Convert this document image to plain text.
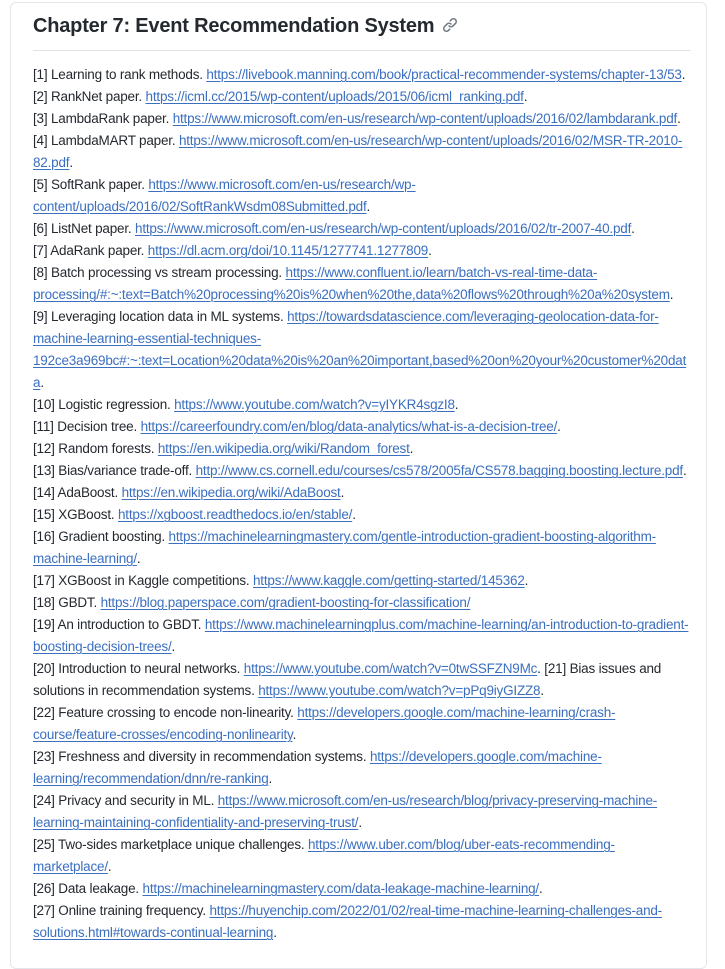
Chapter 7: Event Recommendation System

[1] Learning to rank methods. https://livebook.manning.com/book/practical-recommender-systems/chapter-13/53.
[2] RankNet paper. https://icml.cc/2015/wp-content/uploads/2015/06/icml_ranking.pdf.
[3] LambdaRank paper. https://www.microsoft.com/en-us/research/wp-content/uploads/2016/02/lambdarank.pdf.
[4] LambdaMART paper. https://www.microsoft.com/en-us/research/wp-content/uploads/2016/02/MSR-TR-2010-82.pdf.
[5] SoftRank paper. https://www.microsoft.com/en-us/research/wp-content/uploads/2016/02/SoftRankWsdm08Submitted.pdf.
[6] ListNet paper. https://www.microsoft.com/en-us/research/wp-content/uploads/2016/02/tr-2007-40.pdf.
[7] AdaRank paper. https://dl.acm.org/doi/10.1145/1277741.1277809.
[8] Batch processing vs stream processing. https://www.confluent.io/learn/batch-vs-real-time-data-processing/#:~:text=Batch%20processing%20is%20when%20the,data%20flows%20through%20a%20system.
[9] Leveraging location data in ML systems. https://towardsdatascience.com/leveraging-geolocation-data-for-machine-learning-essential-techniques-192ce3a969bc#:~:text=Location%20data%20is%20an%20important,based%20on%20your%20customer%20data.
[10] Logistic regression. https://www.youtube.com/watch?v=yIYKR4sgzI8.
[11] Decision tree. https://careerfoundry.com/en/blog/data-analytics/what-is-a-decision-tree/.
[12] Random forests. https://en.wikipedia.org/wiki/Random_forest.
[13] Bias/variance trade-off. http://www.cs.cornell.edu/courses/cs578/2005fa/CS578.bagging.boosting.lecture.pdf.
[14] AdaBoost. https://en.wikipedia.org/wiki/AdaBoost.
[15] XGBoost. https://xgboost.readthedocs.io/en/stable/.
[16] Gradient boosting. https://machinelearningmastery.com/gentle-introduction-gradient-boosting-algorithm-machine-learning/.
[17] XGBoost in Kaggle competitions. https://www.kaggle.com/getting-started/145362.
[18] GBDT. https://blog.paperspace.com/gradient-boosting-for-classification/
[19] An introduction to GBDT. https://www.machinelearningplus.com/machine-learning/an-introduction-to-gradient-boosting-decision-trees/.
[20] Introduction to neural networks. https://www.youtube.com/watch?v=0twSSFZN9Mc. [21] Bias issues and solutions in recommendation systems. https://www.youtube.com/watch?v=pPq9iyGIZZ8.
[22] Feature crossing to encode non-linearity. https://developers.google.com/machine-learning/crash-course/feature-crosses/encoding-nonlinearity.
[23] Freshness and diversity in recommendation systems. https://developers.google.com/machine-learning/recommendation/dnn/re-ranking.
[24] Privacy and security in ML. https://www.microsoft.com/en-us/research/blog/privacy-preserving-machine-learning-maintaining-confidentiality-and-preserving-trust/.
[25] Two-sides marketplace unique challenges. https://www.uber.com/blog/uber-eats-recommending-marketplace/.
[26] Data leakage. https://machinelearningmastery.com/data-leakage-machine-learning/.
[27] Online training frequency. https://huyenchip.com/2022/01/02/real-time-machine-learning-challenges-and-solutions.html#towards-continual-learning.
